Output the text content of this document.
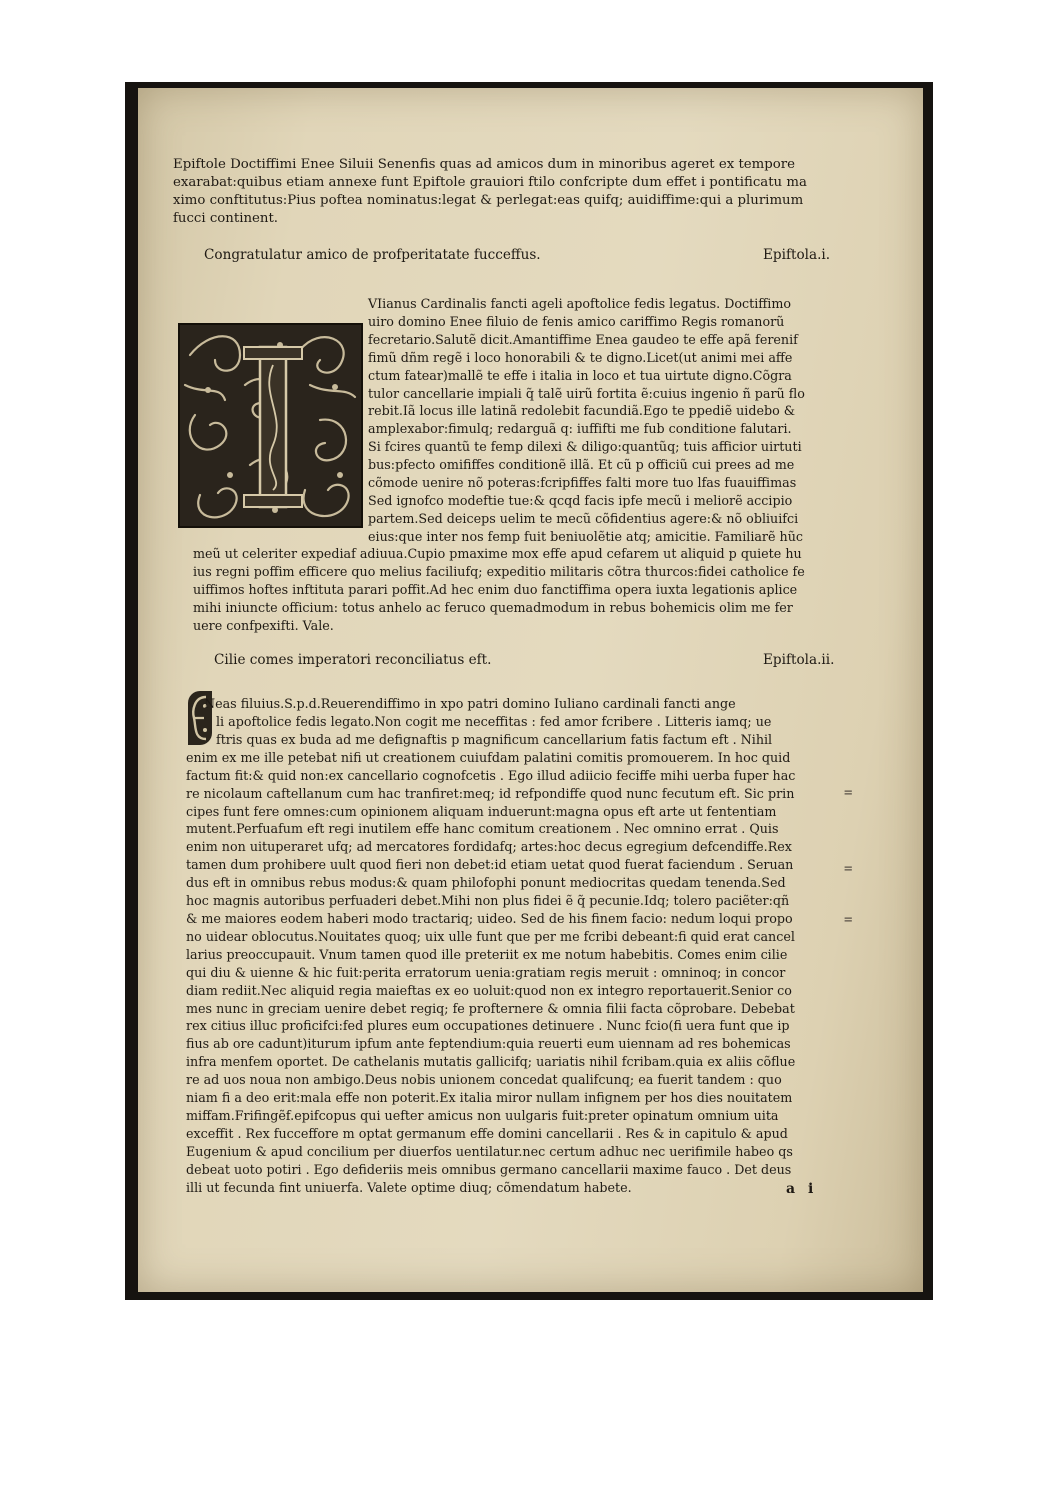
Epiftole Doctiffimi Enee Siluii Senenfis quas ad amicos dum in minoribus ageret ex tempore
exarabat:quibus etiam annexe funt Epiftole grauiori ftilo confcripte dum effet i pontificatu ma
ximo conftitutus:Pius poftea nominatus:legat & perlegat:eas quifq; auidiffime:qui a plurimum
fucci continent.
Congratulatur amico de profperitatate fucceffus.	Epiftola.i.
VIianus Cardinalis fancti ageli apoftolice fedis legatus. Doctiffimo
uiro domino Enee filuio de fenis amico cariffimo Regis romanorũ
fecretario.Salutẽ dicit.Amantiffime Enea gaudeo te effe apã ferenif
fimũ dñm regẽ i loco honorabili & te digno.Licet(ut animi mei affe
ctum fatear)mallẽ te effe i italia in loco et tua uirtute digno.Cõgra
tulor cancellarie impiali q̃ talẽ uirũ fortita ẽ:cuius ingenio ñ parũ flo
rebit.Iã locus ille latinã redolebit facundiã.Ego te ppediẽ uidebo &
amplexabor:fimulq; redarguã q: iuffifti me fub conditione falutari.
Si fcires quantũ te femp dilexi & diligo:quantũq; tuis afficior uirtuti
bus:pfecto omififfes conditionẽ illã. Et cũ p officiũ cui prees ad me
cõmode uenire nõ poteras:fcripfiffes falti more tuo lfas fuauiffimas
Sed ignofco modeftie tue:& qcqd facis ipfe mecũ i meliorẽ accipio
partem.Sed deiceps uelim te mecũ cõfidentius agere:& nõ obliuifci
eius:que inter nos femp fuit beniuolẽtie atq; amicitie. Familiarẽ hũc
meũ ut celeriter expediaf adiuua.Cupio pmaxime mox effe apud cefarem ut aliquid p quiete hu
ius regni poffim efficere quo melius faciliufq; expeditio militaris cõtra thurcos:fidei catholice fe
uiffimos hoftes inftituta parari poffit.Ad hec enim duo fanctiffima opera iuxta legationis aplice
mihi iniuncte officium: totus anhelo ac feruco quemadmodum in rebus bohemicis olim me fer
uere confpexifti. Vale.
Cilie comes imperatori reconciliatus eft.	Epiftola.ii.
Neas filuius.S.p.d.Reuerendiffimo in xpo patri domino Iuliano cardinali fancti ange
li apoftolice fedis legato.Non cogit me neceffitas : fed amor fcribere . Litteris iamq; ue
ftris quas ex buda ad me defignaftis p magnificum cancellarium fatis factum eft . Nihil
enim ex me ille petebat nifi ut creationem cuiufdam palatini comitis promouerem. In hoc quid
factum fit:& quid non:ex cancellario cognofcetis . Ego illud adiicio feciffe mihi uerba fuper hac
re nicolaum caftellanum cum hac tranfiret:meq; id refpondiffe quod nunc fecutum eft. Sic prin
cipes funt fere omnes:cum opinionem aliquam induerunt:magna opus eft arte ut fententiam
mutent.Perfuafum eft regi inutilem effe hanc comitum creationem . Nec omnino errat . Quis
enim non uituperaret ufq; ad mercatores fordidafq; artes:hoc decus egregium defcendiffe.Rex
tamen dum prohibere uult quod fieri non debet:id etiam uetat quod fuerat faciendum . Seruan
dus eft in omnibus rebus modus:& quam philofophi ponunt mediocritas quedam tenenda.Sed
hoc magnis autoribus perfuaderi debet.Mihi non plus fidei ẽ q̃ pecunie.Idq; tolero paciẽter:qñ
& me maiores eodem haberi modo tractariq; uideo. Sed de his finem facio: nedum loqui propo
no uidear oblocutus.Nouitates quoq; uix ulle funt que per me fcribi debeant:fi quid erat cancel
larius preoccupauit. Vnum tamen quod ille preteriit ex me notum habebitis. Comes enim cilie
qui diu & uienne & hic fuit:perita erratorum uenia:gratiam regis meruit : omninoq; in concor
diam rediit.Nec aliquid regia maieftas ex eo uoluit:quod non ex integro reportauerit.Senior co
mes nunc in greciam uenire debet regiq; fe profternere & omnia filii facta cõprobare. Debebat
rex citius illuc proficifci:fed plures eum occupationes detinuere . Nunc fcio(fi uera funt que ip
fius ab ore cadunt)iturum ipfum ante feptendium:quia reuerti eum uiennam ad res bohemicas
infra menfem oportet. De cathelanis mutatis gallicifq; uariatis nihil fcribam.quia ex aliis cõflue
re ad uos noua non ambigo.Deus nobis unionem concedat qualifcunq; ea fuerit tandem : quo
niam fi a deo erit:mala effe non poterit.Ex italia miror nullam infignem per hos dies nouitatem
miffam.Frifingẽf.epifcopus qui uefter amicus non uulgaris fuit:preter opinatum omnium uita
exceffit . Rex fucceffore m optat germanum effe domini cancellarii . Res & in capitulo & apud
Eugenium & apud concilium per diuerfos uentilatur.nec certum adhuc nec uerifimile habeo qs
debeat uoto potiri . Ego defideriis meis omnibus germano cancellarii maxime fauco . Det deus
illi ut fecunda fint uniuerfa. Valete optime diuq; cõmendatum habete.
=
=
=
a i
